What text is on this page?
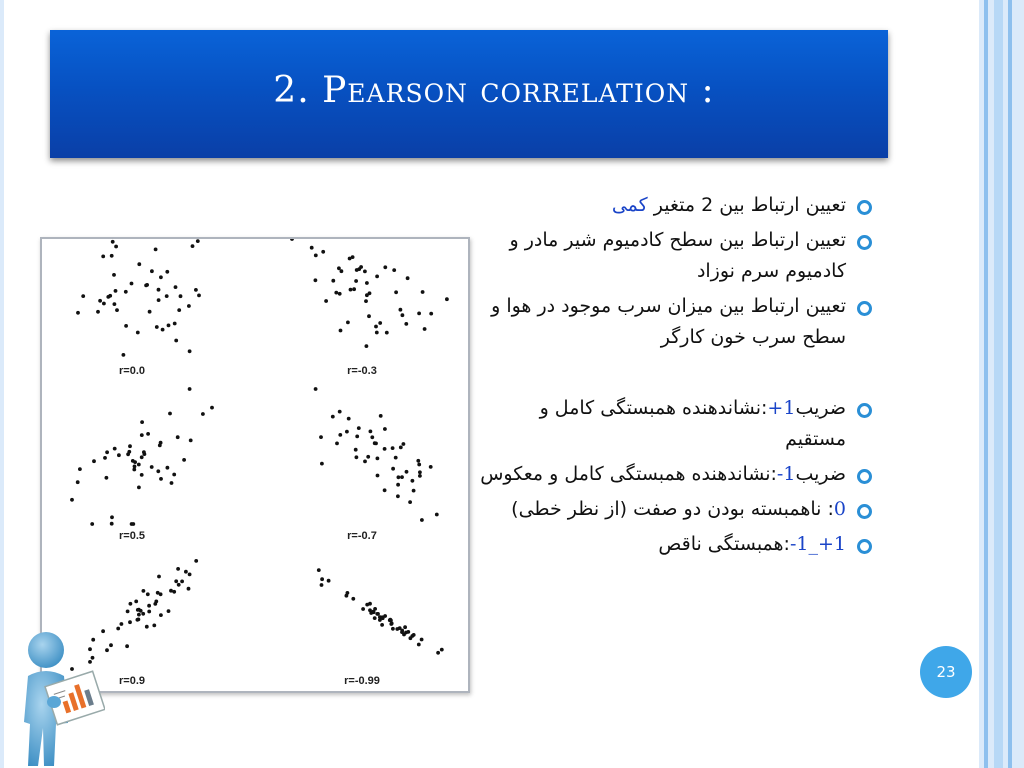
2. Pearson correlation :
r=0.0	r=-0.3
r=0.5	r=-0.7
r=0.9	r=-0.99
تعیین ارتباط بین 2 متغیر کمی
تعیین ارتباط بین سطح کادمیوم شیر مادر و کادمیوم سرم نوزاد
تعیین ارتباط بین میزان سرب موجود در هوا و سطح سرب خون کارگر
ضریب+1:نشاندهنده همبستگی کامل و مستقیم
ضریب-1:نشاندهنده همبستگی کامل و معکوس
0: ناهمبسته بودن دو صفت (از نظر خطی)
-1_+1:همبستگی ناقص
23
